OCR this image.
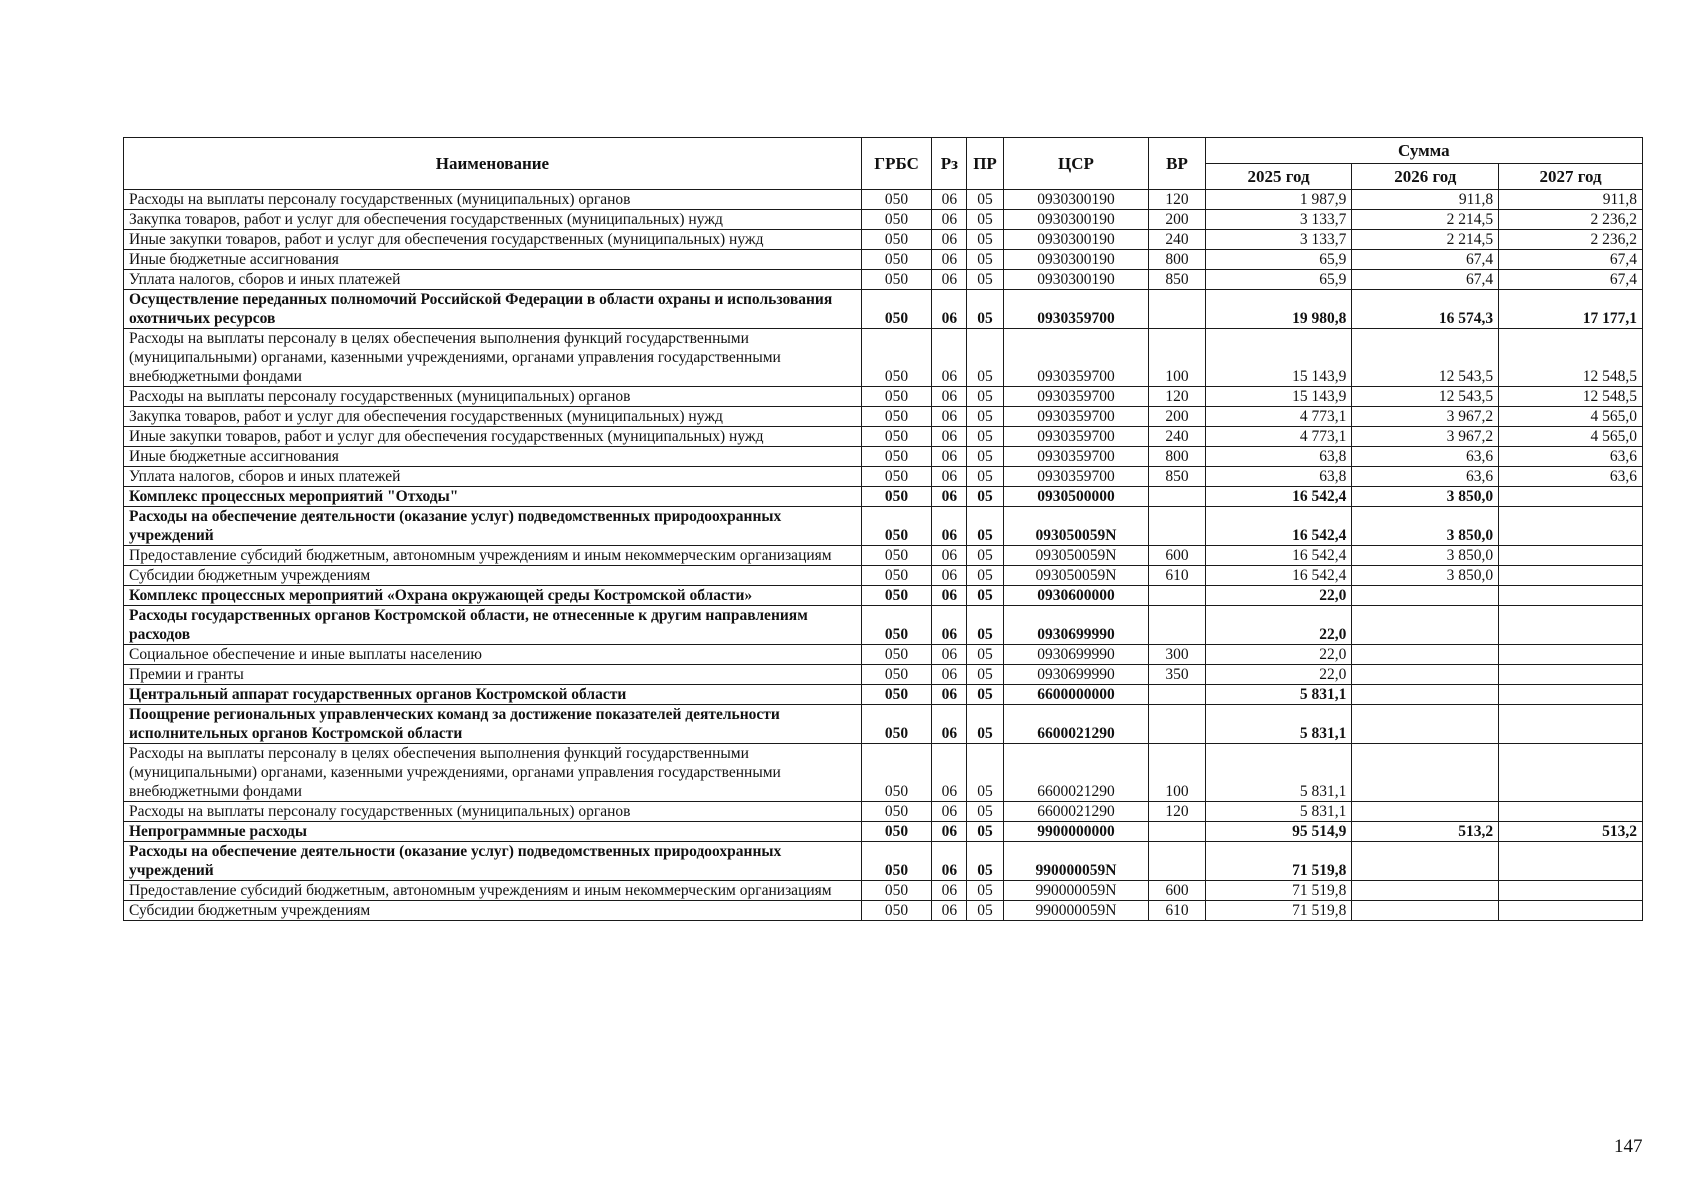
Наименование	ГРБС	Рз	ПР	ЦСР	ВР	Сумма		
						2025 год	2026 год	2027 год
Расходы на выплаты персоналу государственных (муниципальных) органов	050	06	05	0930300190	120	1 987,9	911,8	911,8
Закупка товаров, работ и услуг для обеспечения государственных (муниципальных) нужд	050	06	05	0930300190	200	3 133,7	2 214,5	2 236,2
Иные закупки товаров, работ и услуг для обеспечения государственных (муниципальных) нужд	050	06	05	0930300190	240	3 133,7	2 214,5	2 236,2
Иные бюджетные ассигнования	050	06	05	0930300190	800	65,9	67,4	67,4
Уплата налогов, сборов и иных платежей	050	06	05	0930300190	850	65,9	67,4	67,4
Осуществление переданных полномочий Российской Федерации в области охраны и использования охотничьих ресурсов	050	06	05	0930359700		19 980,8	16 574,3	17 177,1
Расходы на выплаты персоналу в целях обеспечения выполнения функций государственными (муниципальными) органами, казенными учреждениями, органами управления государственными внебюджетными фондами	050	06	05	0930359700	100	15 143,9	12 543,5	12 548,5
Расходы на выплаты персоналу государственных (муниципальных) органов	050	06	05	0930359700	120	15 143,9	12 543,5	12 548,5
Закупка товаров, работ и услуг для обеспечения государственных (муниципальных) нужд	050	06	05	0930359700	200	4 773,1	3 967,2	4 565,0
Иные закупки товаров, работ и услуг для обеспечения государственных (муниципальных) нужд	050	06	05	0930359700	240	4 773,1	3 967,2	4 565,0
Иные бюджетные ассигнования	050	06	05	0930359700	800	63,8	63,6	63,6
Уплата налогов, сборов и иных платежей	050	06	05	0930359700	850	63,8	63,6	63,6
Комплекс процессных мероприятий "Отходы"	050	06	05	0930500000		16 542,4	3 850,0	
Расходы на обеспечение деятельности (оказание услуг) подведомственных природоохранных учреждений	050	06	05	093050059N		16 542,4	3 850,0	
Предоставление субсидий бюджетным, автономным учреждениям и иным некоммерческим организациям	050	06	05	093050059N	600	16 542,4	3 850,0	
Субсидии бюджетным учреждениям	050	06	05	093050059N	610	16 542,4	3 850,0	
Комплекс процессных мероприятий «Охрана окружающей среды Костромской области»	050	06	05	0930600000		22,0		
Расходы государственных органов Костромской области, не отнесенные к другим направлениям расходов	050	06	05	0930699990		22,0		
Социальное обеспечение и иные выплаты населению	050	06	05	0930699990	300	22,0		
Премии и гранты	050	06	05	0930699990	350	22,0		
Центральный аппарат государственных органов Костромской области	050	06	05	6600000000		5 831,1		
Поощрение региональных управленческих команд за достижение показателей деятельности исполнительных органов Костромской области	050	06	05	6600021290		5 831,1		
Расходы на выплаты персоналу в целях обеспечения выполнения функций государственными (муниципальными) органами, казенными учреждениями, органами управления государственными внебюджетными фондами	050	06	05	6600021290	100	5 831,1		
Расходы на выплаты персоналу государственных (муниципальных) органов	050	06	05	6600021290	120	5 831,1		
Непрограммные расходы	050	06	05	9900000000		95 514,9	513,2	513,2
Расходы на обеспечение деятельности (оказание услуг) подведомственных природоохранных учреждений	050	06	05	990000059N		71 519,8		
Предоставление субсидий бюджетным, автономным учреждениям и иным некоммерческим организациям	050	06	05	990000059N	600	71 519,8		
Субсидии бюджетным учреждениям	050	06	05	990000059N	610	71 519,8		
147
